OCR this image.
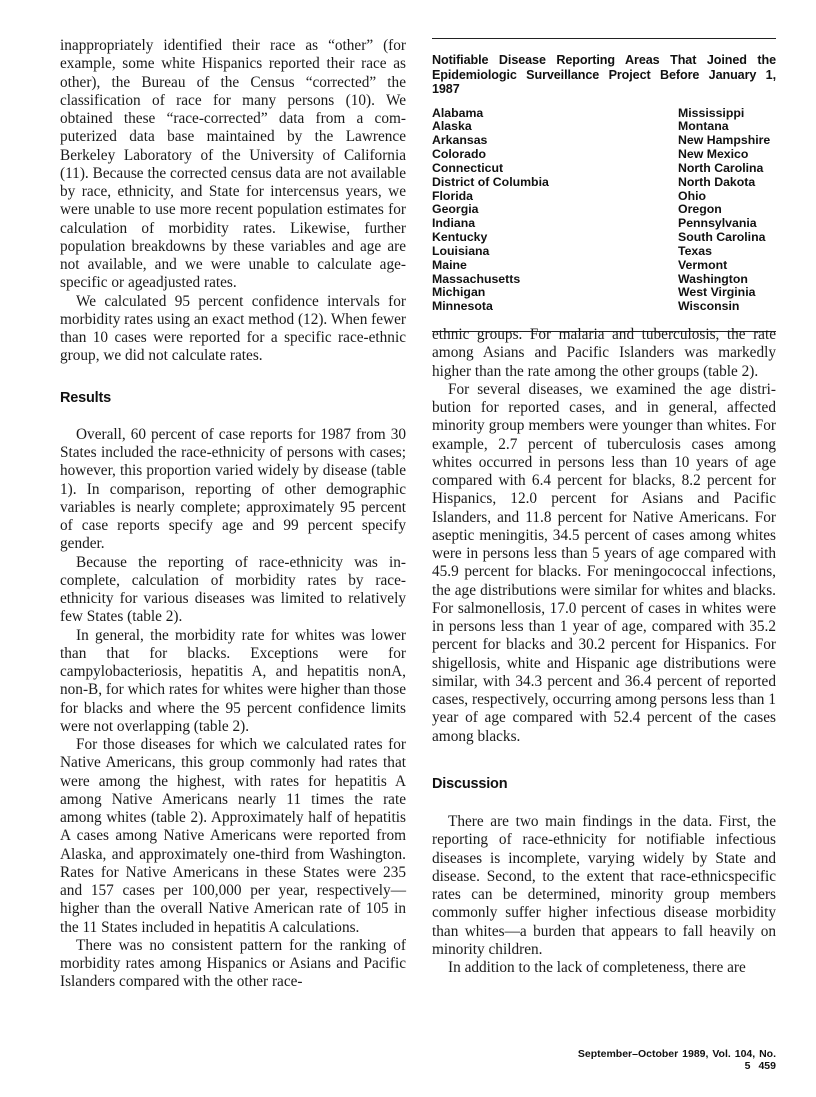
inappropriately identified their race as “other” (for example, some white Hispanics reported their race as other), the Bureau of the Census “corrected” the classification of race for many persons (10). We obtained these “race-corrected” data from a computerized data base maintained by the Lawrence Berkeley Laboratory of the University of California (11). Because the corrected census data are not available by race, ethnicity, and State for intercensus years, we were unable to use more recent population estimates for calculation of morbidity rates. Likewise, further population breakdowns by these variables and age are not available, and we were unable to calculate age-specific or ageadjusted rates.

We calculated 95 percent confidence intervals for morbidity rates using an exact method (12). When fewer than 10 cases were reported for a specific race-ethnic group, we did not calculate rates.

Results

Overall, 60 percent of case reports for 1987 from 30 States included the race-ethnicity of persons with cases; however, this proportion varied widely by disease (table 1). In comparison, reporting of other demographic variables is nearly complete; approximately 95 percent of case reports specify age and 99 percent specify gender.

Because the reporting of race-ethnicity was incomplete, calculation of morbidity rates by raceethnicity for various diseases was limited to relatively few States (table 2).

In general, the morbidity rate for whites was lower than that for blacks. Exceptions were for campylobacteriosis, hepatitis A, and hepatitis nonA, non-B, for which rates for whites were higher than those for blacks and where the 95 percent confidence limits were not overlapping (table 2).

For those diseases for which we calculated rates for Native Americans, this group commonly had rates that were among the highest, with rates for hepatitis A among Native Americans nearly 11 times the rate among whites (table 2). Approximately half of hepatitis A cases among Native Americans were reported from Alaska, and approximately one-third from Washington. Rates for Native Americans in these States were 235 and 157 cases per 100,000 per year, respectively—higher than the overall Native American rate of 105 in the 11 States included in hepatitis A calculations.

There was no consistent pattern for the ranking of morbidity rates among Hispanics or Asians and Pacific Islanders compared with the other race-

Notifiable Disease Reporting Areas That Joined the Epidemiologic Surveillance Project Before January 1, 1987
Alabama
Alaska
Arkansas
Colorado
Connecticut
District of Columbia
Florida
Georgia
Indiana
Kentucky
Louisiana
Maine
Massachusetts
Michigan
Minnesota
Mississippi
Montana
New Hampshire
New Mexico
North Carolina
North Dakota
Ohio
Oregon
Pennsylvania
South Carolina
Texas
Vermont
Washington
West Virginia
Wisconsin

ethnic groups. For malaria and tuberculosis, the rate among Asians and Pacific Islanders was markedly higher than the rate among the other groups (table 2).

For several diseases, we examined the age distribution for reported cases, and in general, affected minority group members were younger than whites. For example, 2.7 percent of tuberculosis cases among whites occurred in persons less than 10 years of age compared with 6.4 percent for blacks, 8.2 percent for Hispanics, 12.0 percent for Asians and Pacific Islanders, and 11.8 percent for Native Americans. For aseptic meningitis, 34.5 percent of cases among whites were in persons less than 5 years of age compared with 45.9 percent for blacks. For meningococcal infections, the age distributions were similar for whites and blacks. For salmonellosis, 17.0 percent of cases in whites were in persons less than 1 year of age, compared with 35.2 percent for blacks and 30.2 percent for Hispanics. For shigellosis, white and Hispanic age distributions were similar, with 34.3 percent and 36.4 percent of reported cases, respectively, occurring among persons less than 1 year of age compared with 52.4 percent of the cases among blacks.

Discussion

There are two main findings in the data. First, the reporting of race-ethnicity for notifiable infectious diseases is incomplete, varying widely by State and disease. Second, to the extent that race-ethnicspecific rates can be determined, minority group members commonly suffer higher infectious disease morbidity than whites—a burden that appears to fall heavily on minority children.

In addition to the lack of completeness, there are

September–October 1989, Vol. 104, No. 5 459
